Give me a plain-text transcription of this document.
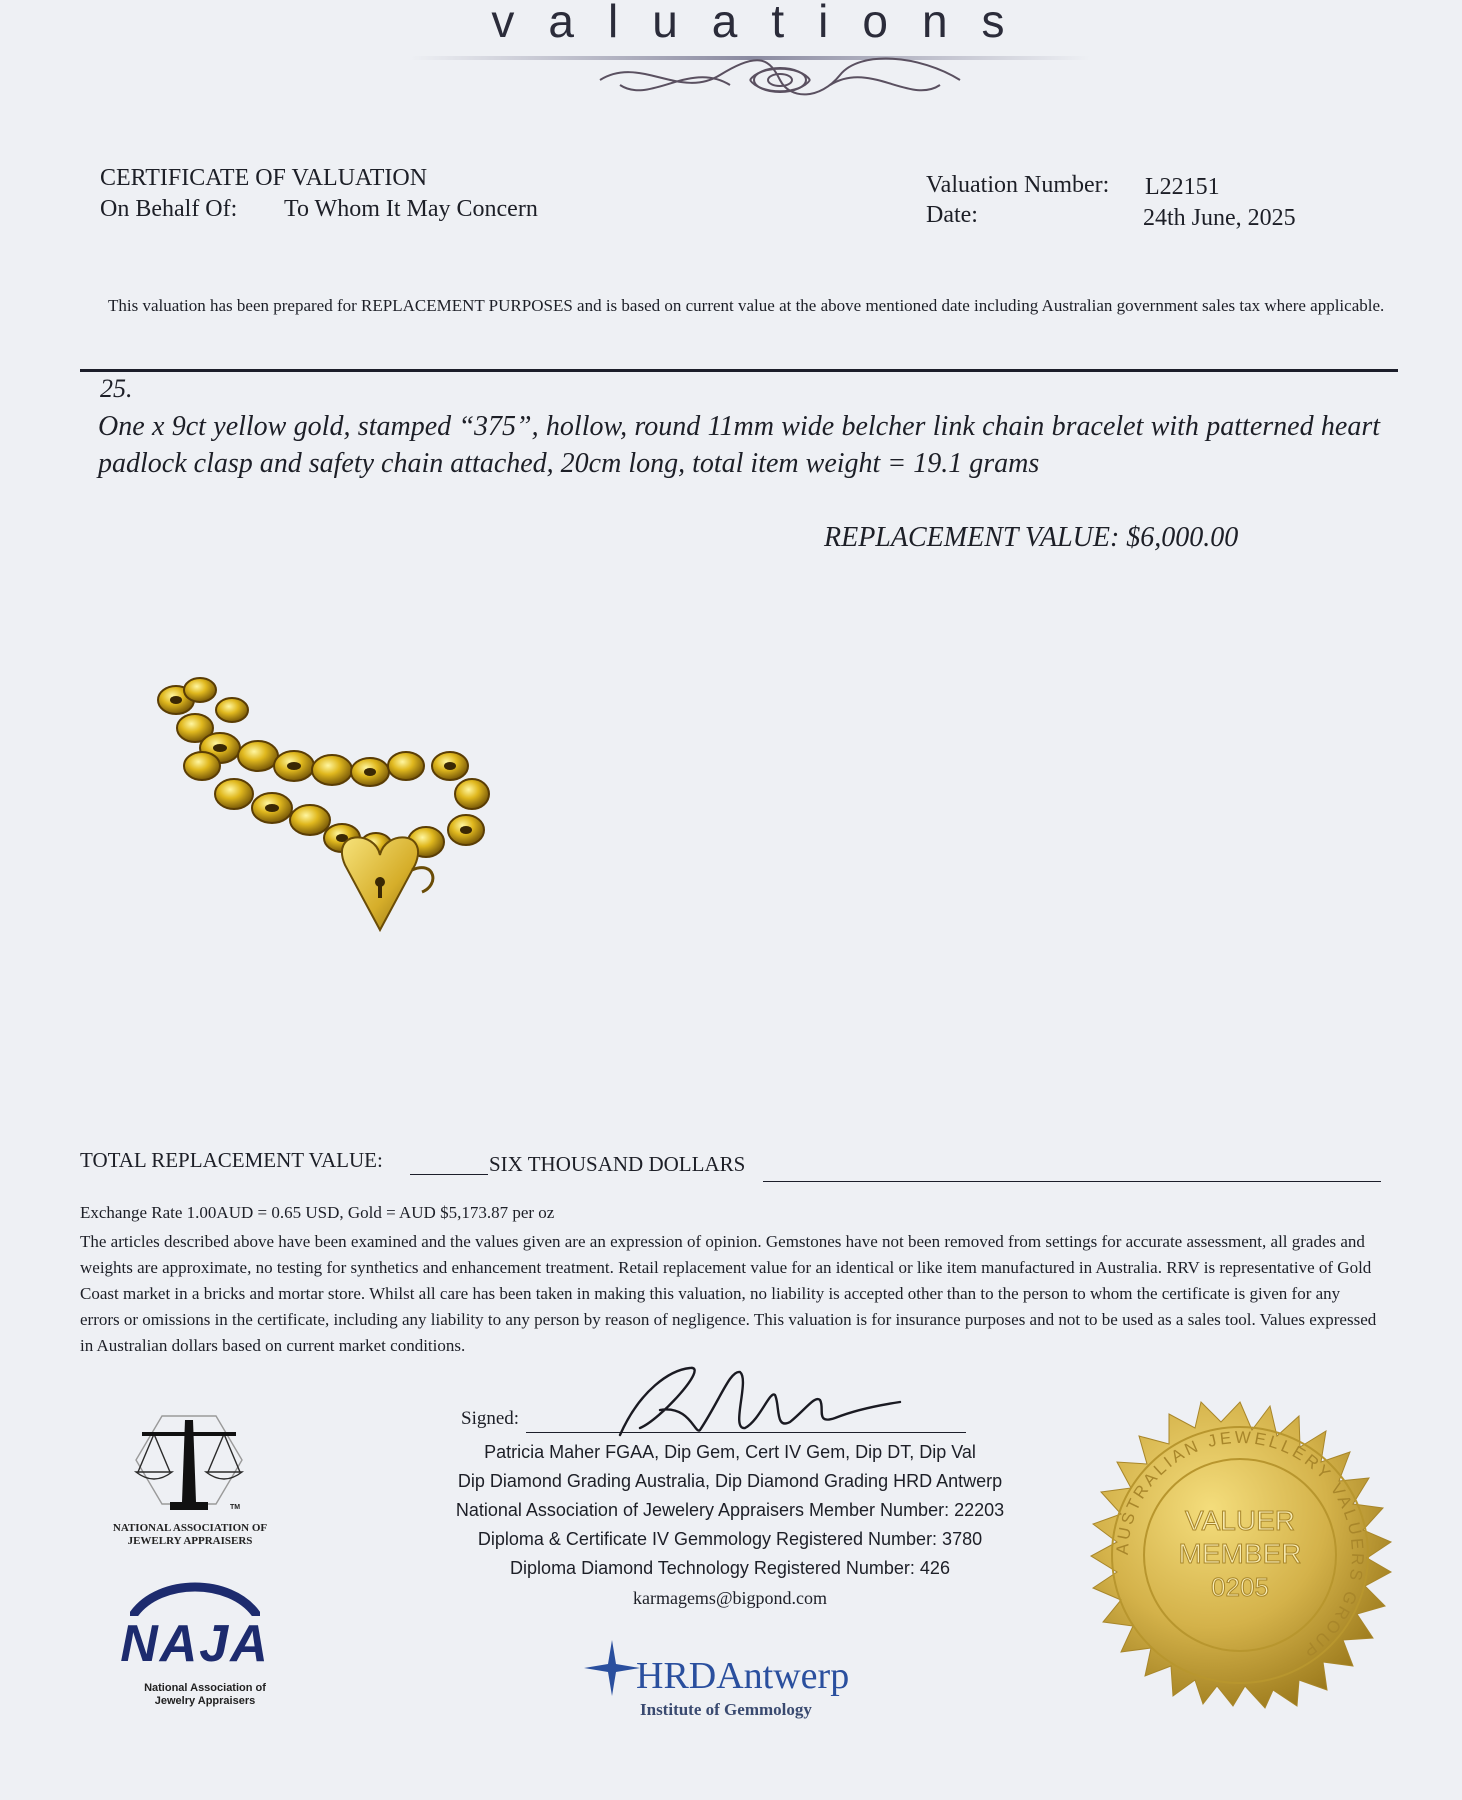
valuations
CERTIFICATE OF VALUATION
On Behalf Of: To Whom It May Concern
Valuation Number: L22151
Date:	24th June, 2025
This valuation has been prepared for REPLACEMENT PURPOSES and is based on current value at the above mentioned date including Australian government sales tax where applicable.
25.
One x 9ct yellow gold, stamped “375”, hollow, round 11mm wide belcher link chain bracelet with patterned heart padlock clasp and safety chain attached, 20cm long, total item weight = 19.1 grams
REPLACEMENT VALUE: $6,000.00
TOTAL REPLACEMENT VALUE:	SIX THOUSAND DOLLARS
Exchange Rate 1.00AUD = 0.65 USD, Gold = AUD $5,173.87 per oz
The articles described above have been examined and the values given are an expression of opinion. Gemstones have not been removed from settings for accurate assessment, all grades and weights are approximate, no testing for synthetics and enhancement treatment. Retail replacement value for an identical or like item manufactured in Australia. RRV is representative of Gold Coast market in a bricks and mortar store. Whilst all care has been taken in making this valuation, no liability is accepted other than to the person to whom the certificate is given for any errors or omissions in the certificate, including any liability to any person by reason of negligence. This valuation is for insurance purposes and not to be used as a sales tool. Values expressed in Australian dollars based on current market conditions.
Signed:
Patricia Maher FGAA, Dip Gem, Cert IV Gem, Dip DT, Dip Val
Dip Diamond Grading Australia, Dip Diamond Grading HRD Antwerp
National Association of Jewelery Appraisers Member Number: 22203
Diploma & Certificate IV Gemmology Registered Number: 3780
Diploma Diamond Technology Registered Number: 426
karmagems@bigpond.com
TM
NATIONAL ASSOCIATION OF JEWELRY APPRAISERS
NAJA
National Association of
Jewelry Appraisers
HRDAntwerp
Institute of Gemmology
AUSTRALIAN JEWELLERY VALUERS GROUP
VALUER
MEMBER
0205
